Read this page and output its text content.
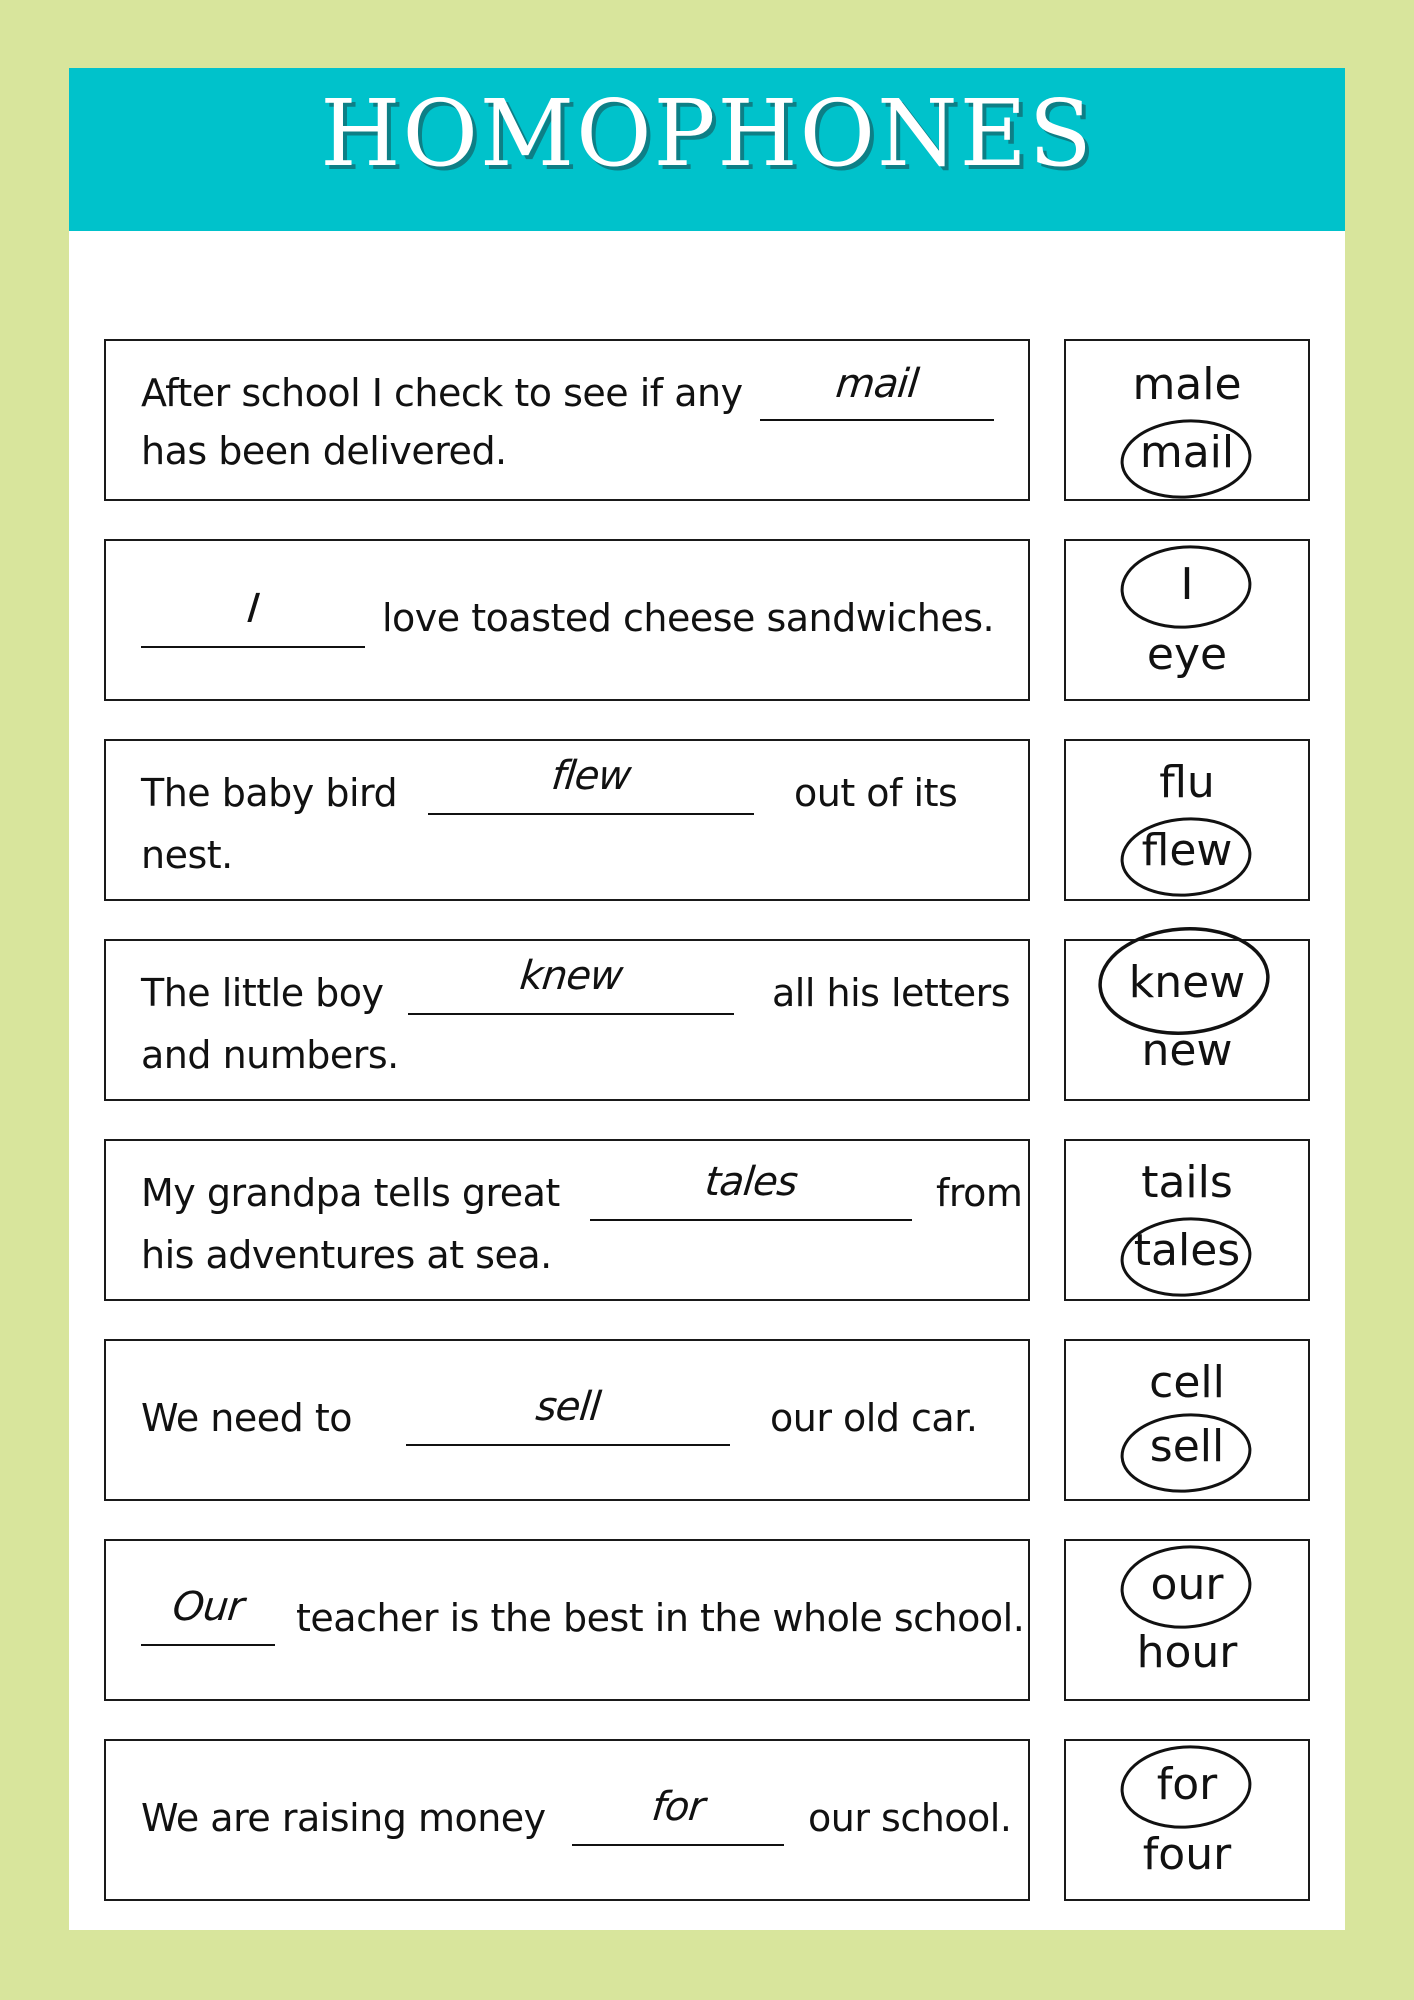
HOMOPHONES
After school I check to see if any	mail
has been delivered.
male
mail
I	love toasted cheese sandwiches.
I
eye
The baby bird	flew	out of its
nest.
flu
flew
The little boy	knew	all his letters
and numbers.
knew
new
My grandpa tells great	tales	from
his adventures at sea.
tails
tales
We need to	sell	our old car.
cell
sell
Our	teacher is the best in the whole school.
our
hour
We are raising money	for	our school.
for
four
